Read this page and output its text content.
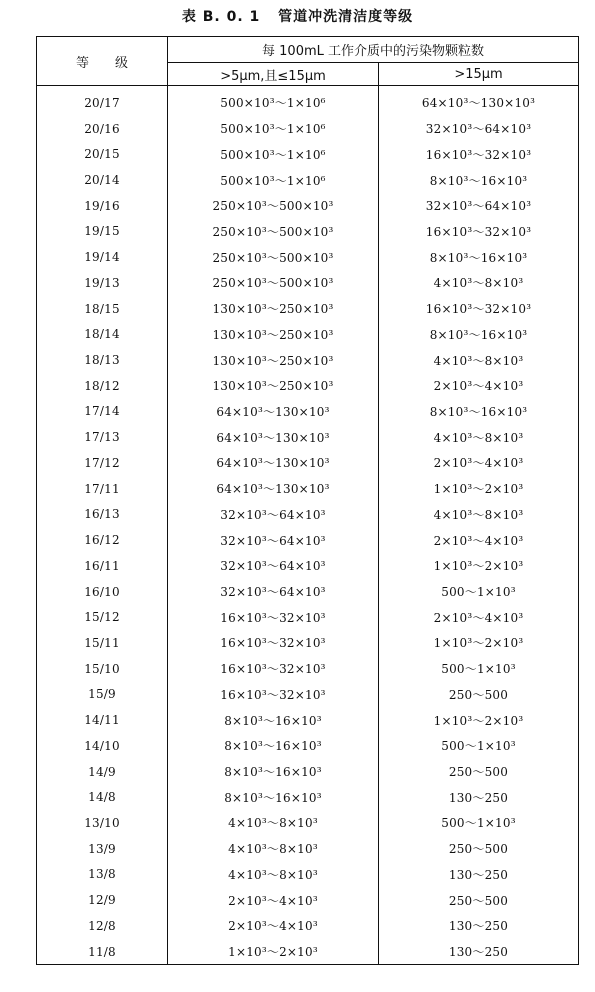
表 B. 0. 1 管道冲洗清洁度等级
等　　级	每 100mL 工作介质中的污染物颗粒数	
	>5μm,且≤15μm	>15μm
20/17	500×10³～1×10⁶	64×10³～130×10³
20/16	500×10³～1×10⁶	32×10³～64×10³
20/15	500×10³～1×10⁶	16×10³～32×10³
20/14	500×10³～1×10⁶	8×10³～16×10³
19/16	250×10³～500×10³	32×10³～64×10³
19/15	250×10³～500×10³	16×10³～32×10³
19/14	250×10³～500×10³	8×10³～16×10³
19/13	250×10³～500×10³	4×10³～8×10³
18/15	130×10³～250×10³	16×10³～32×10³
18/14	130×10³～250×10³	8×10³～16×10³
18/13	130×10³～250×10³	4×10³～8×10³
18/12	130×10³～250×10³	2×10³～4×10³
17/14	64×10³～130×10³	8×10³～16×10³
17/13	64×10³～130×10³	4×10³～8×10³
17/12	64×10³～130×10³	2×10³～4×10³
17/11	64×10³～130×10³	1×10³～2×10³
16/13	32×10³～64×10³	4×10³～8×10³
16/12	32×10³～64×10³	2×10³～4×10³
16/11	32×10³～64×10³	1×10³～2×10³
16/10	32×10³～64×10³	500～1×10³
15/12	16×10³～32×10³	2×10³～4×10³
15/11	16×10³～32×10³	1×10³～2×10³
15/10	16×10³～32×10³	500～1×10³
15/9	16×10³～32×10³	250～500
14/11	8×10³～16×10³	1×10³～2×10³
14/10	8×10³～16×10³	500～1×10³
14/9	8×10³～16×10³	250～500
14/8	8×10³～16×10³	130～250
13/10	4×10³～8×10³	500～1×10³
13/9	4×10³～8×10³	250～500
13/8	4×10³～8×10³	130～250
12/9	2×10³～4×10³	250～500
12/8	2×10³～4×10³	130～250
11/8	1×10³～2×10³	130～250
